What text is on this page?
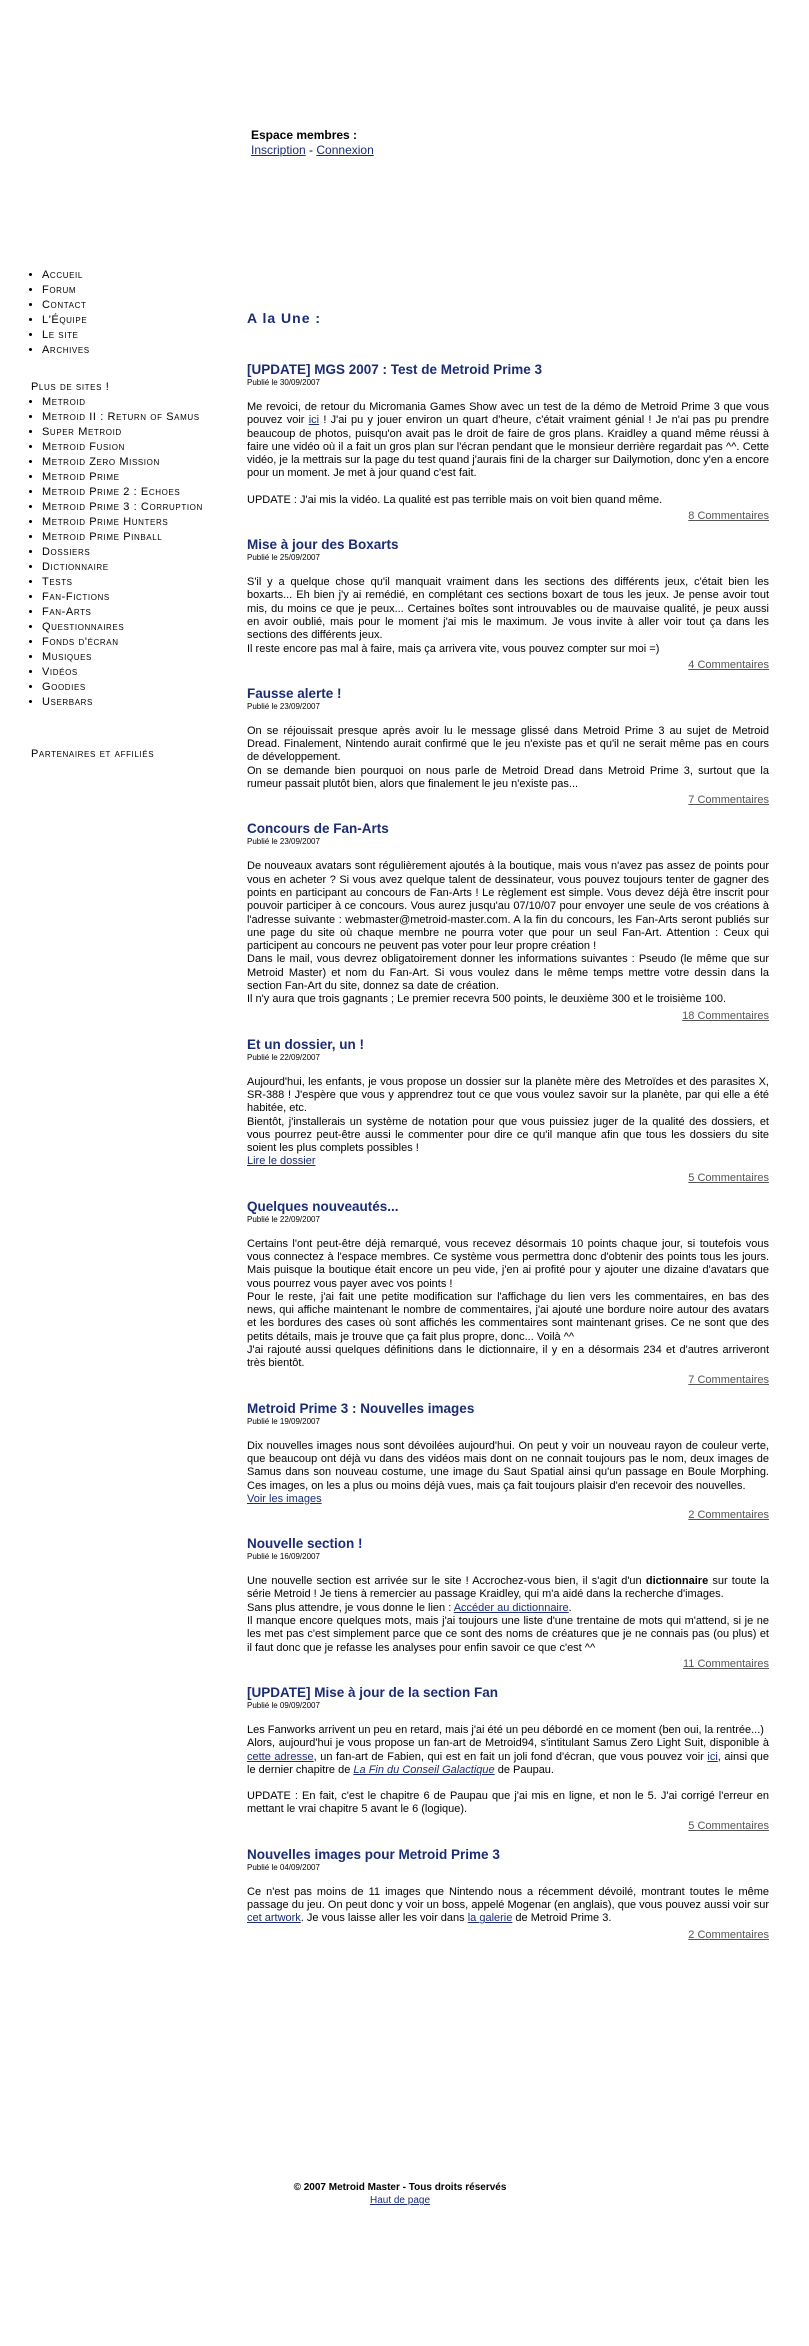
Espace membres :
Inscription - Connexion
• Accueil
• Forum
• Contact
• L'Équipe
• Le site
• Archives
Plus de sites !
• Metroid
• Metroid II : Return of Samus
• Super Metroid
• Metroid Fusion
• Metroid Zero Mission
• Metroid Prime
• Metroid Prime 2 : Echoes
• Metroid Prime 3 : Corruption
• Metroid Prime Hunters
• Metroid Prime Pinball
• Dossiers
• Dictionnaire
• Tests
• Fan-Fictions
• Fan-Arts
• Questionnaires
• Fonds d'écran
• Musiques
• Vidéos
• Goodies
• Userbars
Partenaires et affiliés
A la Une :
[UPDATE] MGS 2007 : Test de Metroid Prime 3
Publié le 30/09/2007

Me revoici, de retour du Micromania Games Show avec un test de la démo de Metroid Prime 3 que vous pouvez voir ici ! J'ai pu y jouer environ un quart d'heure, c'était vraiment génial ! Je n'ai pas pu prendre beaucoup de photos, puisqu'on avait pas le droit de faire de gros plans. Kraidley a quand même réussi à faire une vidéo où il a fait un gros plan sur l'écran pendant que le monsieur derrière regardait pas ^^. Cette vidéo, je la mettrais sur la page du test quand j'aurais fini de la charger sur Dailymotion, donc y'en a encore pour un moment. Je met à jour quand c'est fait.

UPDATE : J'ai mis la vidéo. La qualité est pas terrible mais on voit bien quand même.

8 Commentaires
Mise à jour des Boxarts
Publié le 25/09/2007

S'il y a quelque chose qu'il manquait vraiment dans les sections des différents jeux, c'était bien les boxarts... Eh bien j'y ai remédié, en complétant ces sections boxart de tous les jeux. Je pense avoir tout mis, du moins ce que je peux... Certaines boîtes sont introuvables ou de mauvaise qualité, je peux aussi en avoir oublié, mais pour le moment j'ai mis le maximum. Je vous invite à aller voir tout ça dans les sections des différents jeux.

Il reste encore pas mal à faire, mais ça arrivera vite, vous pouvez compter sur moi =)

4 Commentaires
Fausse alerte !
Publié le 23/09/2007

On se réjouissait presque après avoir lu le message glissé dans Metroid Prime 3 au sujet de Metroid Dread. Finalement, Nintendo aurait confirmé que le jeu n'existe pas et qu'il ne serait même pas en cours de développement.

On se demande bien pourquoi on nous parle de Metroid Dread dans Metroid Prime 3, surtout que la rumeur passait plutôt bien, alors que finalement le jeu n'existe pas...

7 Commentaires
Concours de Fan-Arts
Publié le 23/09/2007

De nouveaux avatars sont régulièrement ajoutés à la boutique, mais vous n'avez pas assez de points pour vous en acheter ? Si vous avez quelque talent de dessinateur, vous pouvez toujours tenter de gagner des points en participant au concours de Fan-Arts ! Le règlement est simple. Vous devez déjà être inscrit pour pouvoir participer à ce concours. Vous aurez jusqu'au 07/10/07 pour envoyer une seule de vos créations à l'adresse suivante : webmaster@metroid-master.com. A la fin du concours, les Fan-Arts seront publiés sur une page du site où chaque membre ne pourra voter que pour un seul Fan-Art. Attention : Ceux qui participent au concours ne peuvent pas voter pour leur propre création !

Dans le mail, vous devrez obligatoirement donner les informations suivantes : Pseudo (le même que sur Metroid Master) et nom du Fan-Art. Si vous voulez dans le même temps mettre votre dessin dans la section Fan-Art du site, donnez sa date de création.

Il n'y aura que trois gagnants ; Le premier recevra 500 points, le deuxième 300 et le troisième 100.

18 Commentaires
Et un dossier, un !
Publié le 22/09/2007

Aujourd'hui, les enfants, je vous propose un dossier sur la planète mère des Metroïdes et des parasites X, SR-388 ! J'espère que vous y apprendrez tout ce que vous voulez savoir sur la planète, par qui elle a été habitée, etc.

Bientôt, j'installerais un système de notation pour que vous puissiez juger de la qualité des dossiers, et vous pourrez peut-être aussi le commenter pour dire ce qu'il manque afin que tous les dossiers du site soient les plus complets possibles !

Lire le dossier

5 Commentaires
Quelques nouveautés...
Publié le 22/09/2007

Certains l'ont peut-être déjà remarqué, vous recevez désormais 10 points chaque jour, si toutefois vous vous connectez à l'espace membres. Ce système vous permettra donc d'obtenir des points tous les jours. Mais puisque la boutique était encore un peu vide, j'en ai profité pour y ajouter une dizaine d'avatars que vous pourrez vous payer avec vos points !

Pour le reste, j'ai fait une petite modification sur l'affichage du lien vers les commentaires, en bas des news, qui affiche maintenant le nombre de commentaires, j'ai ajouté une bordure noire autour des avatars et les bordures des cases où sont affichés les commentaires sont maintenant grises. Ce ne sont que des petits détails, mais je trouve que ça fait plus propre, donc... Voilà ^^

J'ai rajouté aussi quelques définitions dans le dictionnaire, il y en a désormais 234 et d'autres arriveront très bientôt.

7 Commentaires
Metroid Prime 3 : Nouvelles images
Publié le 19/09/2007

Dix nouvelles images nous sont dévoilées aujourd'hui. On peut y voir un nouveau rayon de couleur verte, que beaucoup ont déjà vu dans des vidéos mais dont on ne connait toujours pas le nom, deux images de Samus dans son nouveau costume, une image du Saut Spatial ainsi qu'un passage en Boule Morphing. Ces images, on les a plus ou moins déjà vues, mais ça fait toujours plaisir d'en recevoir des nouvelles.

Voir les images

2 Commentaires
Nouvelle section !
Publié le 16/09/2007

Une nouvelle section est arrivée sur le site ! Accrochez-vous bien, il s'agit d'un dictionnaire sur toute la série Metroid ! Je tiens à remercier au passage Kraidley, qui m'a aidé dans la recherche d'images.

Sans plus attendre, je vous donne le lien : Accéder au dictionnaire.

Il manque encore quelques mots, mais j'ai toujours une liste d'une trentaine de mots qui m'attend, si je ne les met pas c'est simplement parce que ce sont des noms de créatures que je ne connais pas (ou plus) et il faut donc que je refasse les analyses pour enfin savoir ce que c'est ^^

11 Commentaires
[UPDATE] Mise à jour de la section Fan
Publié le 09/09/2007

Les Fanworks arrivent un peu en retard, mais j'ai été un peu débordé en ce moment (ben oui, la rentrée...)

Alors, aujourd'hui je vous propose un fan-art de Metroid94, s'intitulant Samus Zero Light Suit, disponible à cette adresse, un fan-art de Fabien, qui est en fait un joli fond d'écran, que vous pouvez voir ici, ainsi que le dernier chapitre de La Fin du Conseil Galactique de Paupau.

UPDATE : En fait, c'est le chapitre 6 de Paupau que j'ai mis en ligne, et non le 5. J'ai corrigé l'erreur en mettant le vrai chapitre 5 avant le 6 (logique).

5 Commentaires
Nouvelles images pour Metroid Prime 3
Publié le 04/09/2007

Ce n'est pas moins de 11 images que Nintendo nous a récemment dévoilé, montrant toutes le même passage du jeu. On peut donc y voir un boss, appelé Mogenar (en anglais), que vous pouvez aussi voir sur cet artwork. Je vous laisse aller les voir dans la galerie de Metroid Prime 3.

2 Commentaires
© 2007 Metroid Master - Tous droits réservés
Haut de page
